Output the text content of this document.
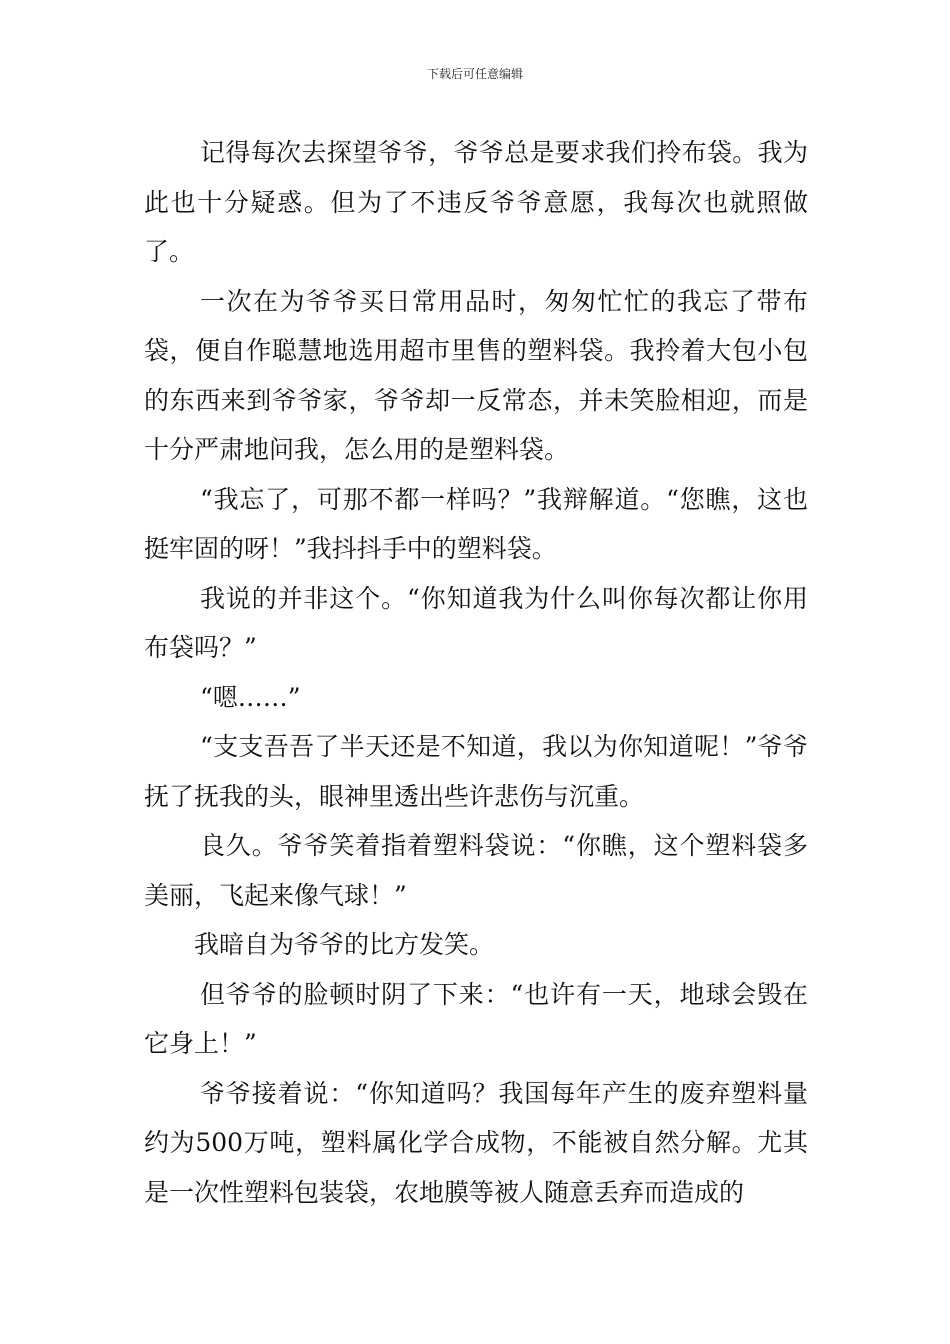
下载后可任意编辑

记得每次去探望爷爷，爷爷总是要求我们拎布袋。我为此也十分疑惑。但为了不违反爷爷意愿，我每次也就照做了。

一次在为爷爷买日常用品时，匆匆忙忙的我忘了带布袋，便自作聪慧地选用超市里售的塑料袋。我拎着大包小包的东西来到爷爷家，爷爷却一反常态，并未笑脸相迎，而是十分严肃地问我，怎么用的是塑料袋。

“我忘了，可那不都一样吗？”我辩解道。“您瞧，这也挺牢固的呀！”我抖抖手中的塑料袋。

我说的并非这个。“你知道我为什么叫你每次都让你用布袋吗？”

“嗯……”

“支支吾吾了半天还是不知道，我以为你知道呢！”爷爷抚了抚我的头，眼神里透出些许悲伤与沉重。

良久。爷爷笑着指着塑料袋说：“你瞧，这个塑料袋多美丽，飞起来像气球！”

我暗自为爷爷的比方发笑。

但爷爷的脸顿时阴了下来：“也许有一天，地球会毁在它身上！”

爷爷接着说：“你知道吗？我国每年产生的废弃塑料量约为500万吨，塑料属化学合成物，不能被自然分解。尤其是一次性塑料包装袋，农地膜等被人随意丢弃而造成的
